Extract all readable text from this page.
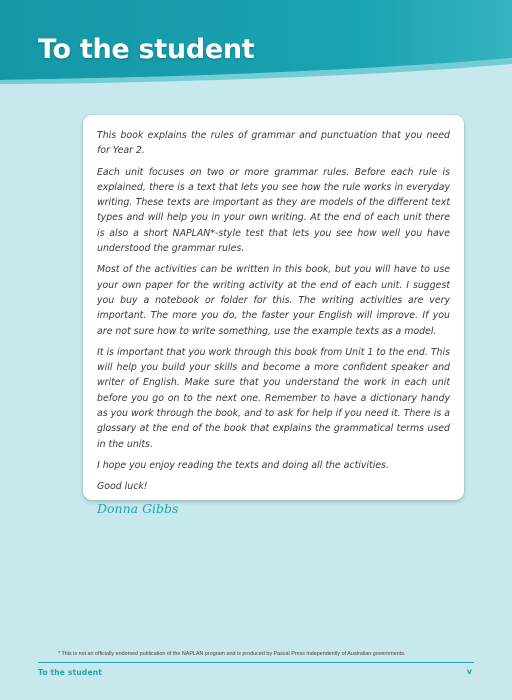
To the student

This book explains the rules of grammar and punctuation that you need for Year 2.

Each unit focuses on two or more grammar rules. Before each rule is explained, there is a text that lets you see how the rule works in everyday writing. These texts are important as they are models of the different text types and will help you in your own writing. At the end of each unit there is also a short NAPLAN*-style test that lets you see how well you have understood the grammar rules.

Most of the activities can be written in this book, but you will have to use your own paper for the writing activity at the end of each unit. I suggest you buy a notebook or folder for this. The writing activities are very important. The more you do, the faster your English will improve. If you are not sure how to write something, use the example texts as a model.

It is important that you work through this book from Unit 1 to the end. This will help you build your skills and become a more confident speaker and writer of English. Make sure that you understand the work in each unit before you go on to the next one. Remember to have a dictionary handy as you work through the book, and to ask for help if you need it. There is a glossary at the end of the book that explains the grammatical terms used in the units.

I hope you enjoy reading the texts and doing all the activities.

Good luck!

Donna Gibbs
* This is not an officially endorsed publication of the NAPLAN program and is produced by Pascal Press independently of Australian governments.
To the student	v
